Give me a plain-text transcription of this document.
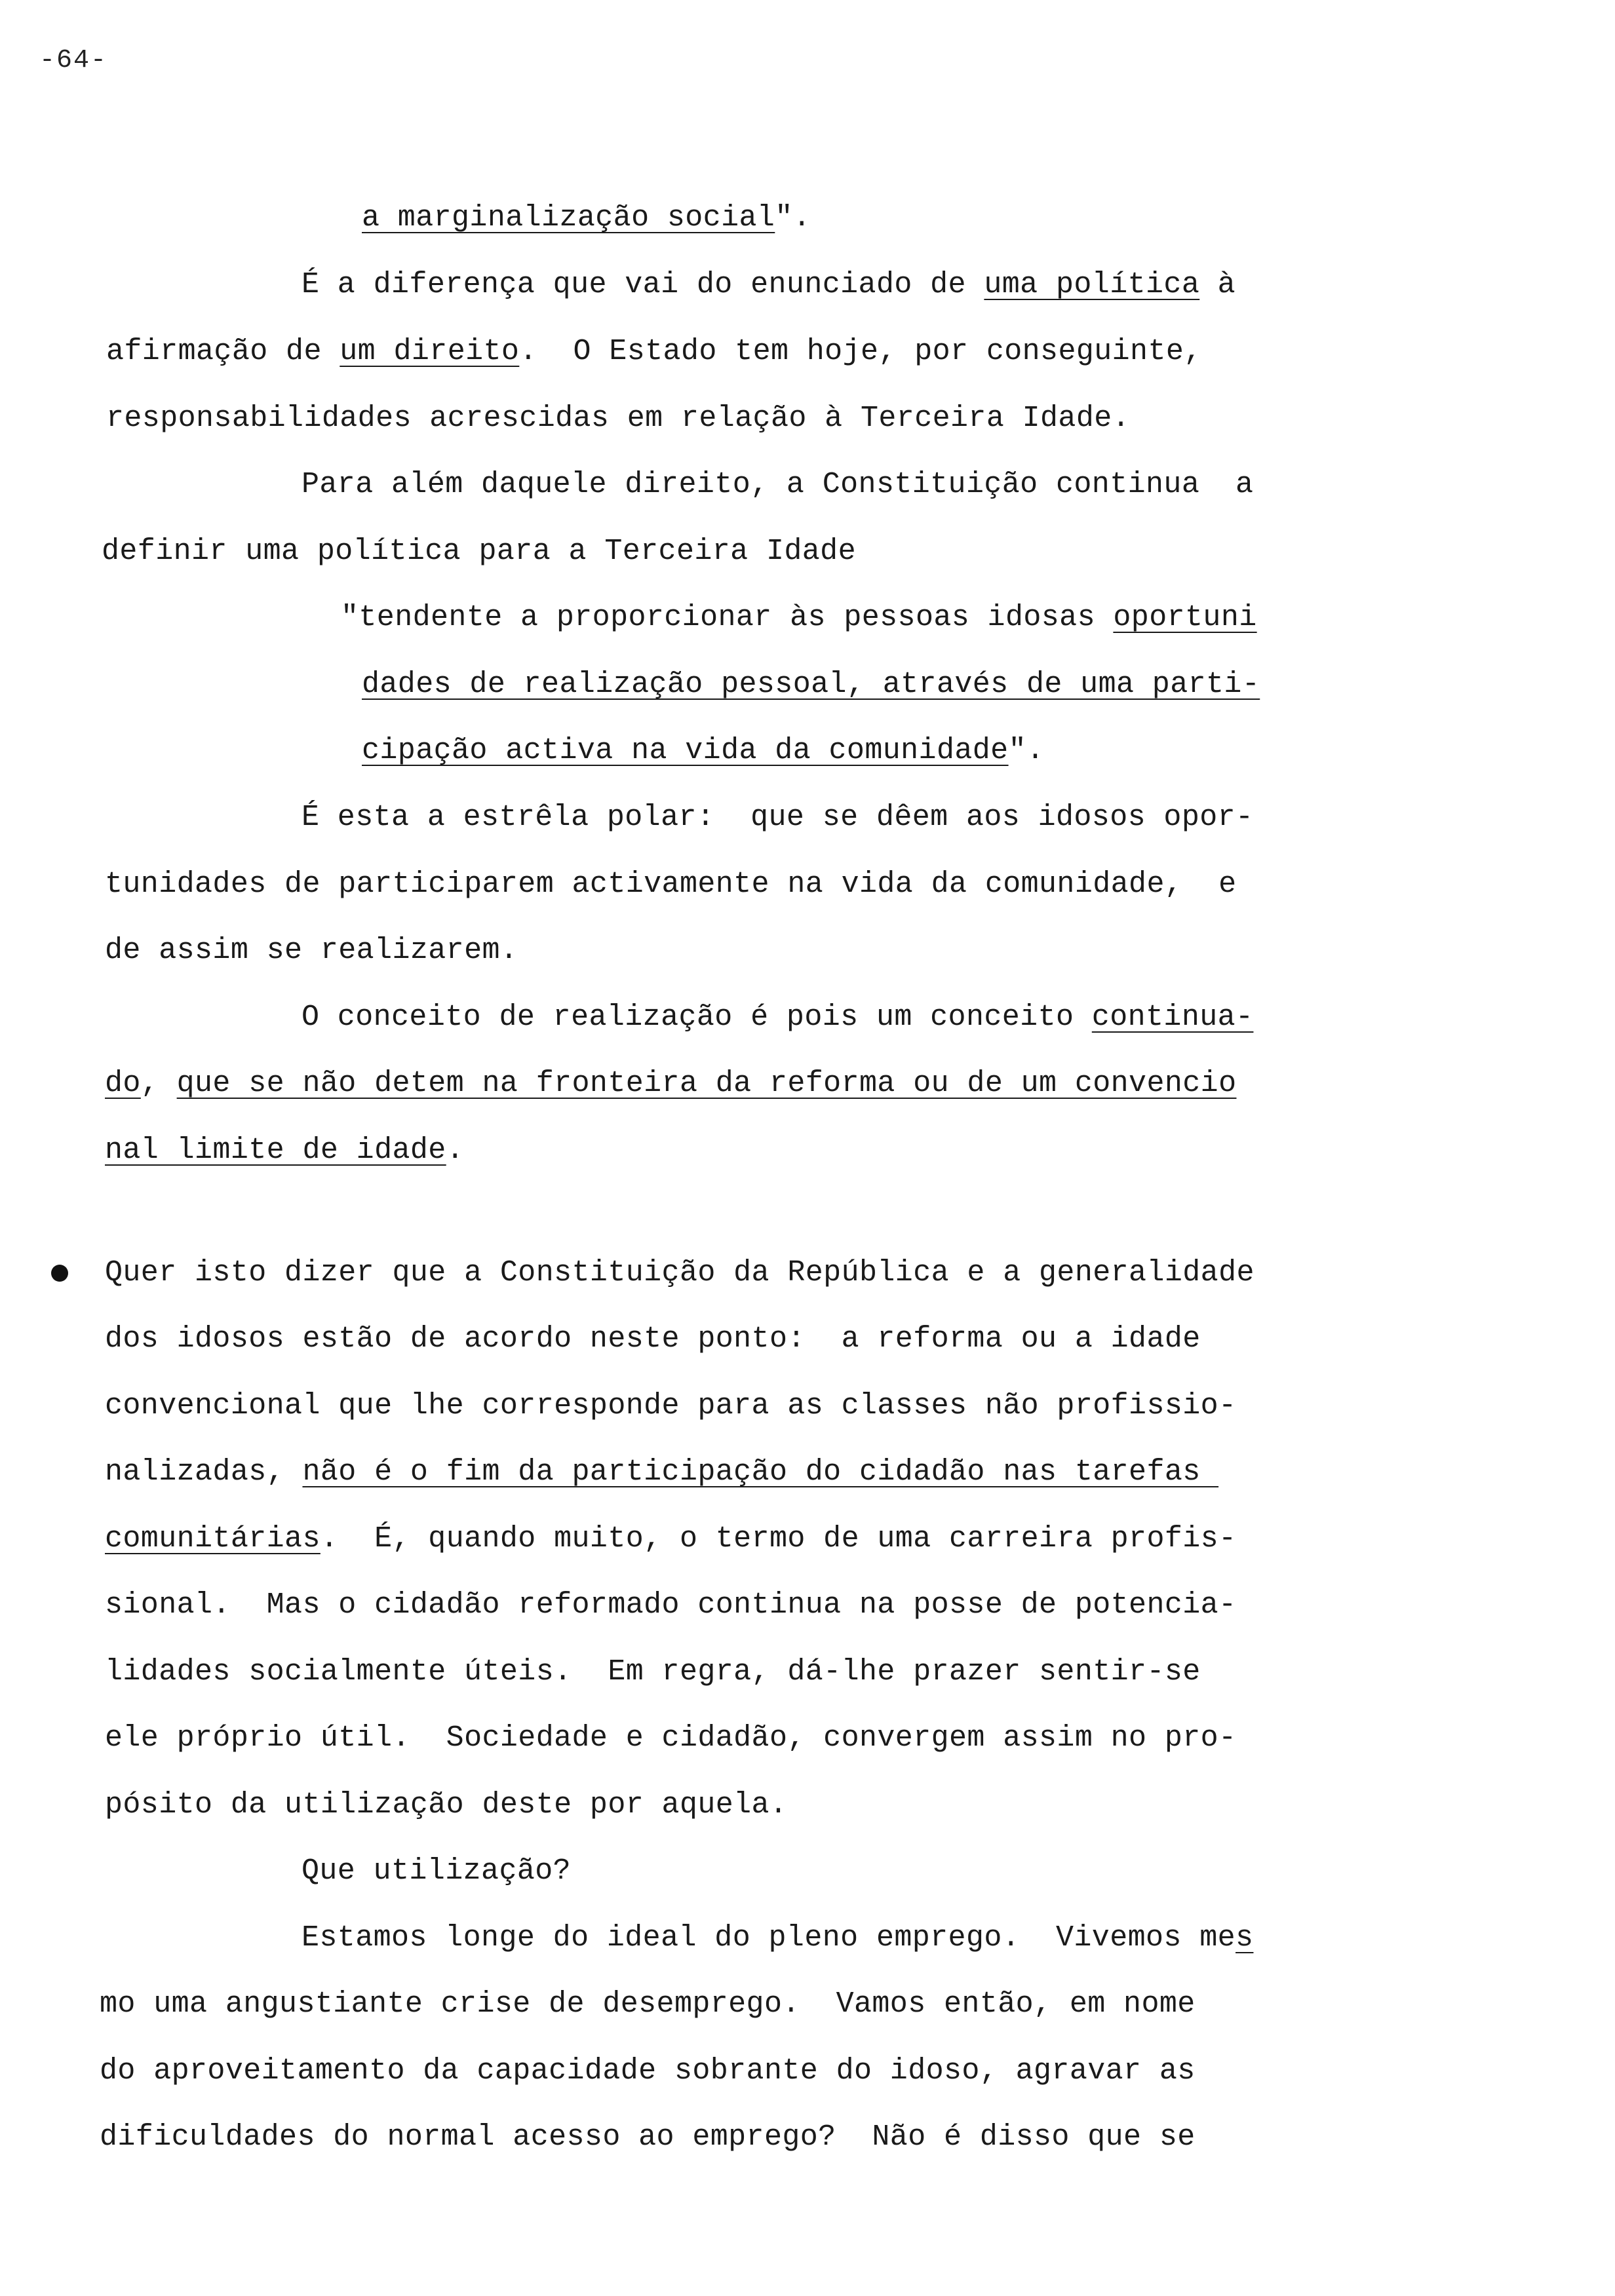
-64-
a marginalização social".
É a diferença que vai do enunciado de uma política à
afirmação de um direito.  O Estado tem hoje, por conseguinte,
responsabilidades acrescidas em relação à Terceira Idade.
Para além daquele direito, a Constituição continua  a
definir uma política para a Terceira Idade
"tendente a proporcionar às pessoas idosas oportuni
dades de realização pessoal, através de uma parti-
cipação activa na vida da comunidade".
É esta a estrêla polar:  que se dêem aos idosos opor-
tunidades de participarem activamente na vida da comunidade,  e
de assim se realizarem.
O conceito de realização é pois um conceito continua-
do, que se não detem na fronteira da reforma ou de um convencio
nal limite de idade.
Quer isto dizer que a Constituição da República e a generalidade
dos idosos estão de acordo neste ponto:  a reforma ou a idade
convencional que lhe corresponde para as classes não profissio-
nalizadas, não é o fim da participação do cidadão nas tarefas
comunitárias.  É, quando muito, o termo de uma carreira profis-
sional.  Mas o cidadão reformado continua na posse de potencia-
lidades socialmente úteis.  Em regra, dá-lhe prazer sentir-se
ele próprio útil.  Sociedade e cidadão, convergem assim no pro-
pósito da utilização deste por aquela.
Que utilização?
Estamos longe do ideal do pleno emprego.  Vivemos mes
mo uma angustiante crise de desemprego.  Vamos então, em nome
do aproveitamento da capacidade sobrante do idoso, agravar as
dificuldades do normal acesso ao emprego?  Não é disso que se
